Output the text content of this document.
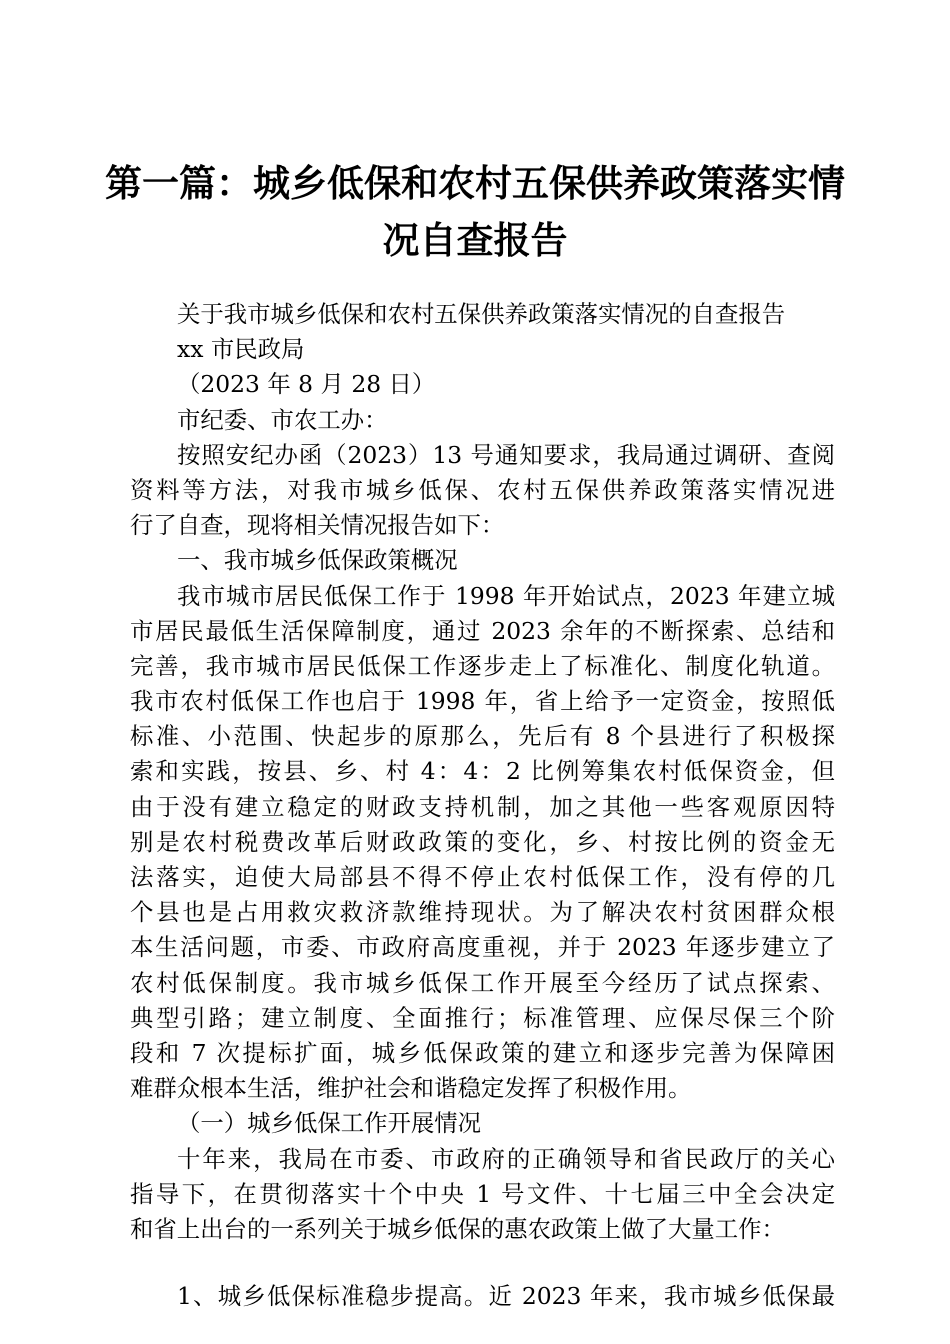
第一篇：城乡低保和农村五保供养政策落实情
况自查报告
关于我市城乡低保和农村五保供养政策落实情况的自查报告
xx 市民政局
（2023 年 8 月 28 日）
市纪委、市农工办：
按照安纪办函（2023）13 号通知要求，我局通过调研、查阅
资料等方法，对我市城乡低保、农村五保供养政策落实情况进
行了自查，现将相关情况报告如下：
一、我市城乡低保政策概况
我市城市居民低保工作于 1998 年开始试点，2023 年建立城
市居民最低生活保障制度，通过 2023 余年的不断探索、总结和
完善，我市城市居民低保工作逐步走上了标准化、制度化轨道。
我市农村低保工作也启于 1998 年，省上给予一定资金，按照低
标准、小范围、快起步的原那么，先后有 8 个县进行了积极探
索和实践，按县、乡、村 4：4：2 比例筹集农村低保资金，但
由于没有建立稳定的财政支持机制，加之其他一些客观原因特
别是农村税费改革后财政政策的变化，乡、村按比例的资金无
法落实，迫使大局部县不得不停止农村低保工作，没有停的几
个县也是占用救灾救济款维持现状。为了解决农村贫困群众根
本生活问题，市委、市政府高度重视，并于 2023 年逐步建立了
农村低保制度。我市城乡低保工作开展至今经历了试点探索、
典型引路；建立制度、全面推行；标准管理、应保尽保三个阶
段和 7 次提标扩面，城乡低保政策的建立和逐步完善为保障困
难群众根本生活，维护社会和谐稳定发挥了积极作用。
（一）城乡低保工作开展情况
十年来，我局在市委、市政府的正确领导和省民政厅的关心
指导下，在贯彻落实十个中央 1 号文件、十七届三中全会决定
和省上出台的一系列关于城乡低保的惠农政策上做了大量工作：
1、城乡低保标准稳步提高。近 2023 年来，我市城乡低保最
